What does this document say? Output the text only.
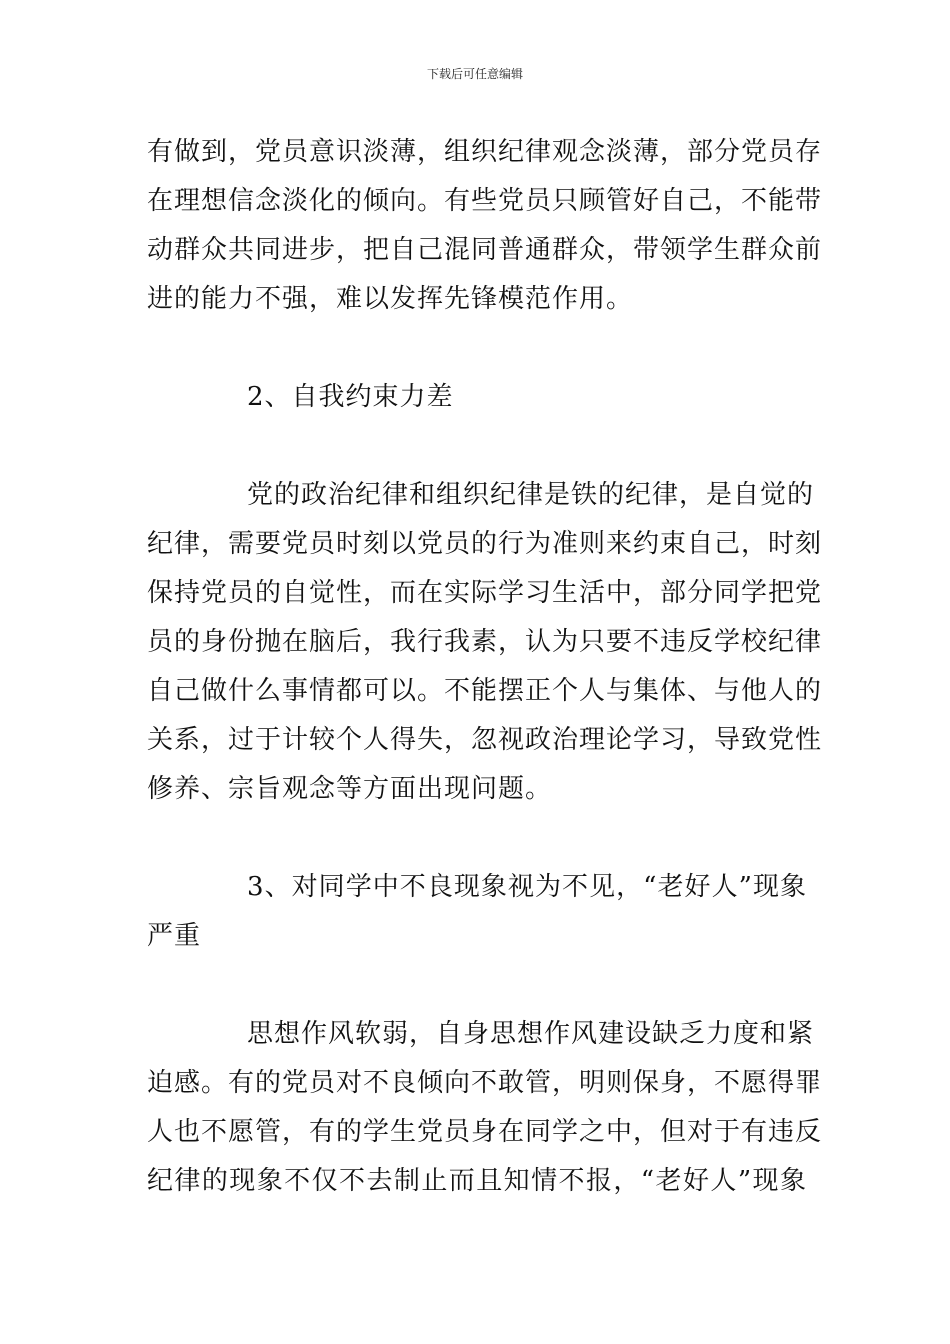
下载后可任意编辑
有做到，党员意识淡薄，组织纪律观念淡薄，部分党员存
在理想信念淡化的倾向。有些党员只顾管好自己，不能带
动群众共同进步，把自己混同普通群众，带领学生群众前
进的能力不强，难以发挥先锋模范作用。
2、自我约束力差
党的政治纪律和组织纪律是铁的纪律，是自觉的
纪律，需要党员时刻以党员的行为准则来约束自己，时刻
保持党员的自觉性，而在实际学习生活中，部分同学把党
员的身份抛在脑后，我行我素，认为只要不违反学校纪律
自己做什么事情都可以。不能摆正个人与集体、与他人的
关系，过于计较个人得失，忽视政治理论学习，导致党性
修养、宗旨观念等方面出现问题。
3、对同学中不良现象视为不见，“老好人”现象
严重
思想作风软弱，自身思想作风建设缺乏力度和紧
迫感。有的党员对不良倾向不敢管，明则保身，不愿得罪
人也不愿管，有的学生党员身在同学之中，但对于有违反
纪律的现象不仅不去制止而且知情不报，“老好人”现象
